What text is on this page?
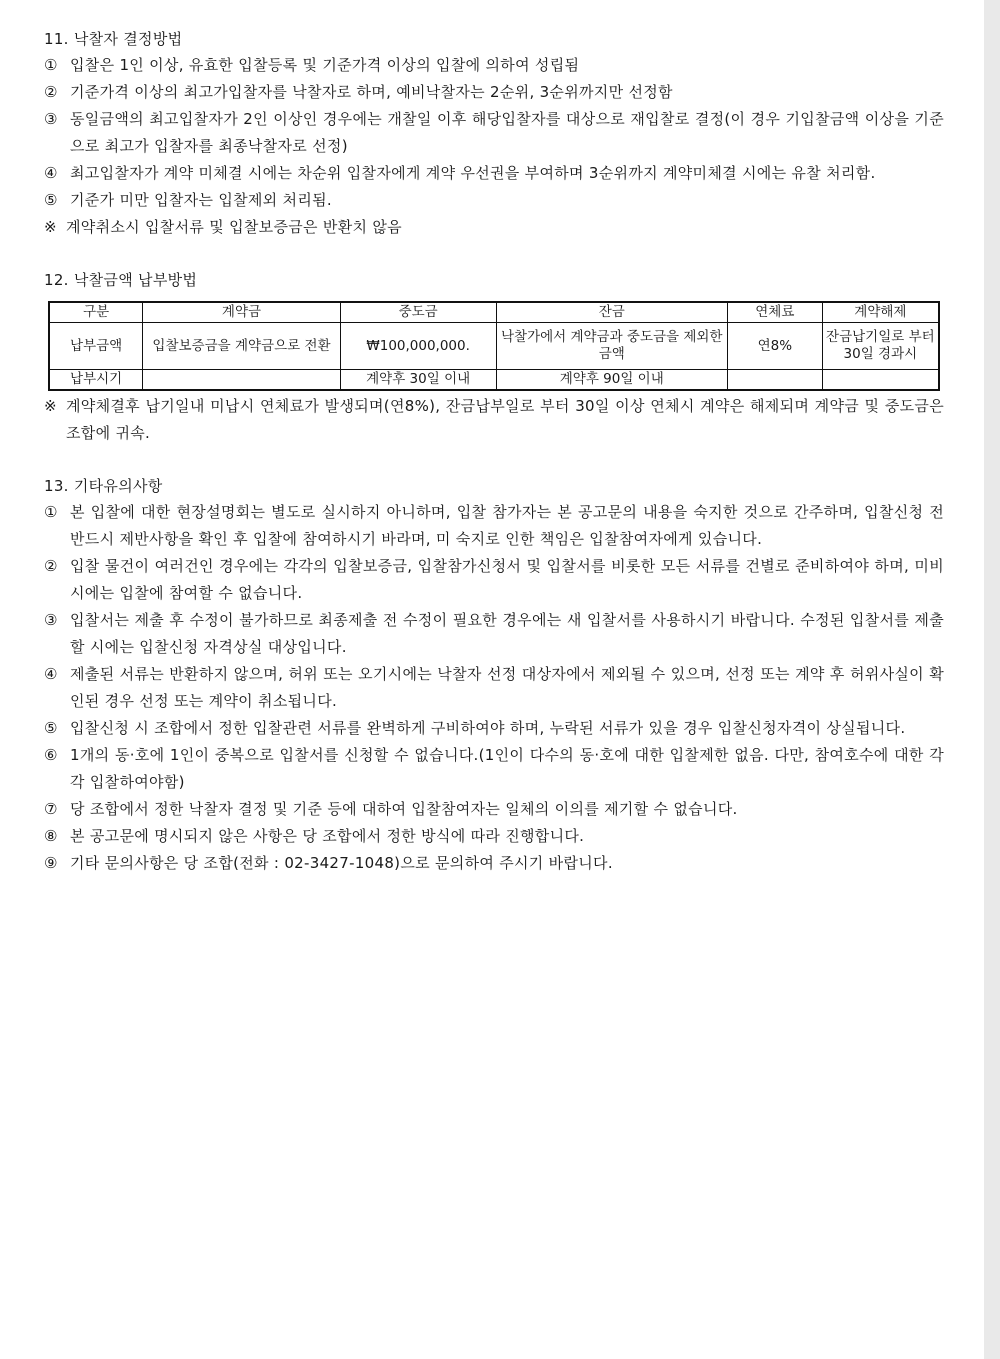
11. 낙찰자 결정방법

① 입찰은 1인 이상, 유효한 입찰등록 및 기준가격 이상의 입찰에 의하여 성립됨
② 기준가격 이상의 최고가입찰자를 낙찰자로 하며, 예비낙찰자는 2순위, 3순위까지만 선정함
③ 동일금액의 최고입찰자가 2인 이상인 경우에는 개찰일 이후 해당입찰자를 대상으로 재입찰로 결정(이 경우 기입찰금액 이상을 기준으로 최고가 입찰자를 최종낙찰자로 선정)
④ 최고입찰자가 계약 미체결 시에는 차순위 입찰자에게 계약 우선권을 부여하며 3순위까지 계약미체결 시에는 유찰 처리함.
⑤ 기준가 미만 입찰자는 입찰제외 처리됨.
※ 계약취소시 입찰서류 및 입찰보증금은 반환치 않음

12. 낙찰금액 납부방법

구분	계약금	중도금	잔금	연체료	계약해제
납부금액	입찰보증금을 계약금으로 전환	₩100,000,000.	낙찰가에서 계약금과 중도금을 제외한 금액	연8%	잔금납기일로 부터 30일 경과시
납부시기		계약후 30일 이내	계약후 90일 이내		
※ 계약체결후 납기일내 미납시 연체료가 발생되며(연8%), 잔금납부일로 부터 30일 이상 연체시 계약은 해제되며 계약금 및 중도금은 조합에 귀속.

13. 기타유의사항

① 본 입찰에 대한 현장설명회는 별도로 실시하지 아니하며, 입찰 참가자는 본 공고문의 내용을 숙지한 것으로 간주하며, 입찰신청 전 반드시 제반사항을 확인 후 입찰에 참여하시기 바라며, 미 숙지로 인한 책임은 입찰참여자에게 있습니다.
② 입찰 물건이 여러건인 경우에는 각각의 입찰보증금, 입찰참가신청서 및 입찰서를 비롯한 모든 서류를 건별로 준비하여야 하며, 미비시에는 입찰에 참여할 수 없습니다.
③ 입찰서는 제출 후 수정이 불가하므로 최종제출 전 수정이 필요한 경우에는 새 입찰서를 사용하시기 바랍니다. 수정된 입찰서를 제출할 시에는 입찰신청 자격상실 대상입니다.
④ 제출된 서류는 반환하지 않으며, 허위 또는 오기시에는 낙찰자 선정 대상자에서 제외될 수 있으며, 선정 또는 계약 후 허위사실이 확인된 경우 선정 또는 계약이 취소됩니다.
⑤ 입찰신청 시 조합에서 정한 입찰관련 서류를 완벽하게 구비하여야 하며, 누락된 서류가 있을 경우 입찰신청자격이 상실됩니다.
⑥ 1개의 동·호에 1인이 중복으로 입찰서를 신청할 수 없습니다.(1인이 다수의 동·호에 대한 입찰제한 없음. 다만, 참여호수에 대한 각각 입찰하여야함)
⑦ 당 조합에서 정한 낙찰자 결정 및 기준 등에 대하여 입찰참여자는 일체의 이의를 제기할 수 없습니다.
⑧ 본 공고문에 명시되지 않은 사항은 당 조합에서 정한 방식에 따라 진행합니다.
⑨ 기타 문의사항은 당 조합(전화 : 02-3427-1048)으로 문의하여 주시기 바랍니다.
